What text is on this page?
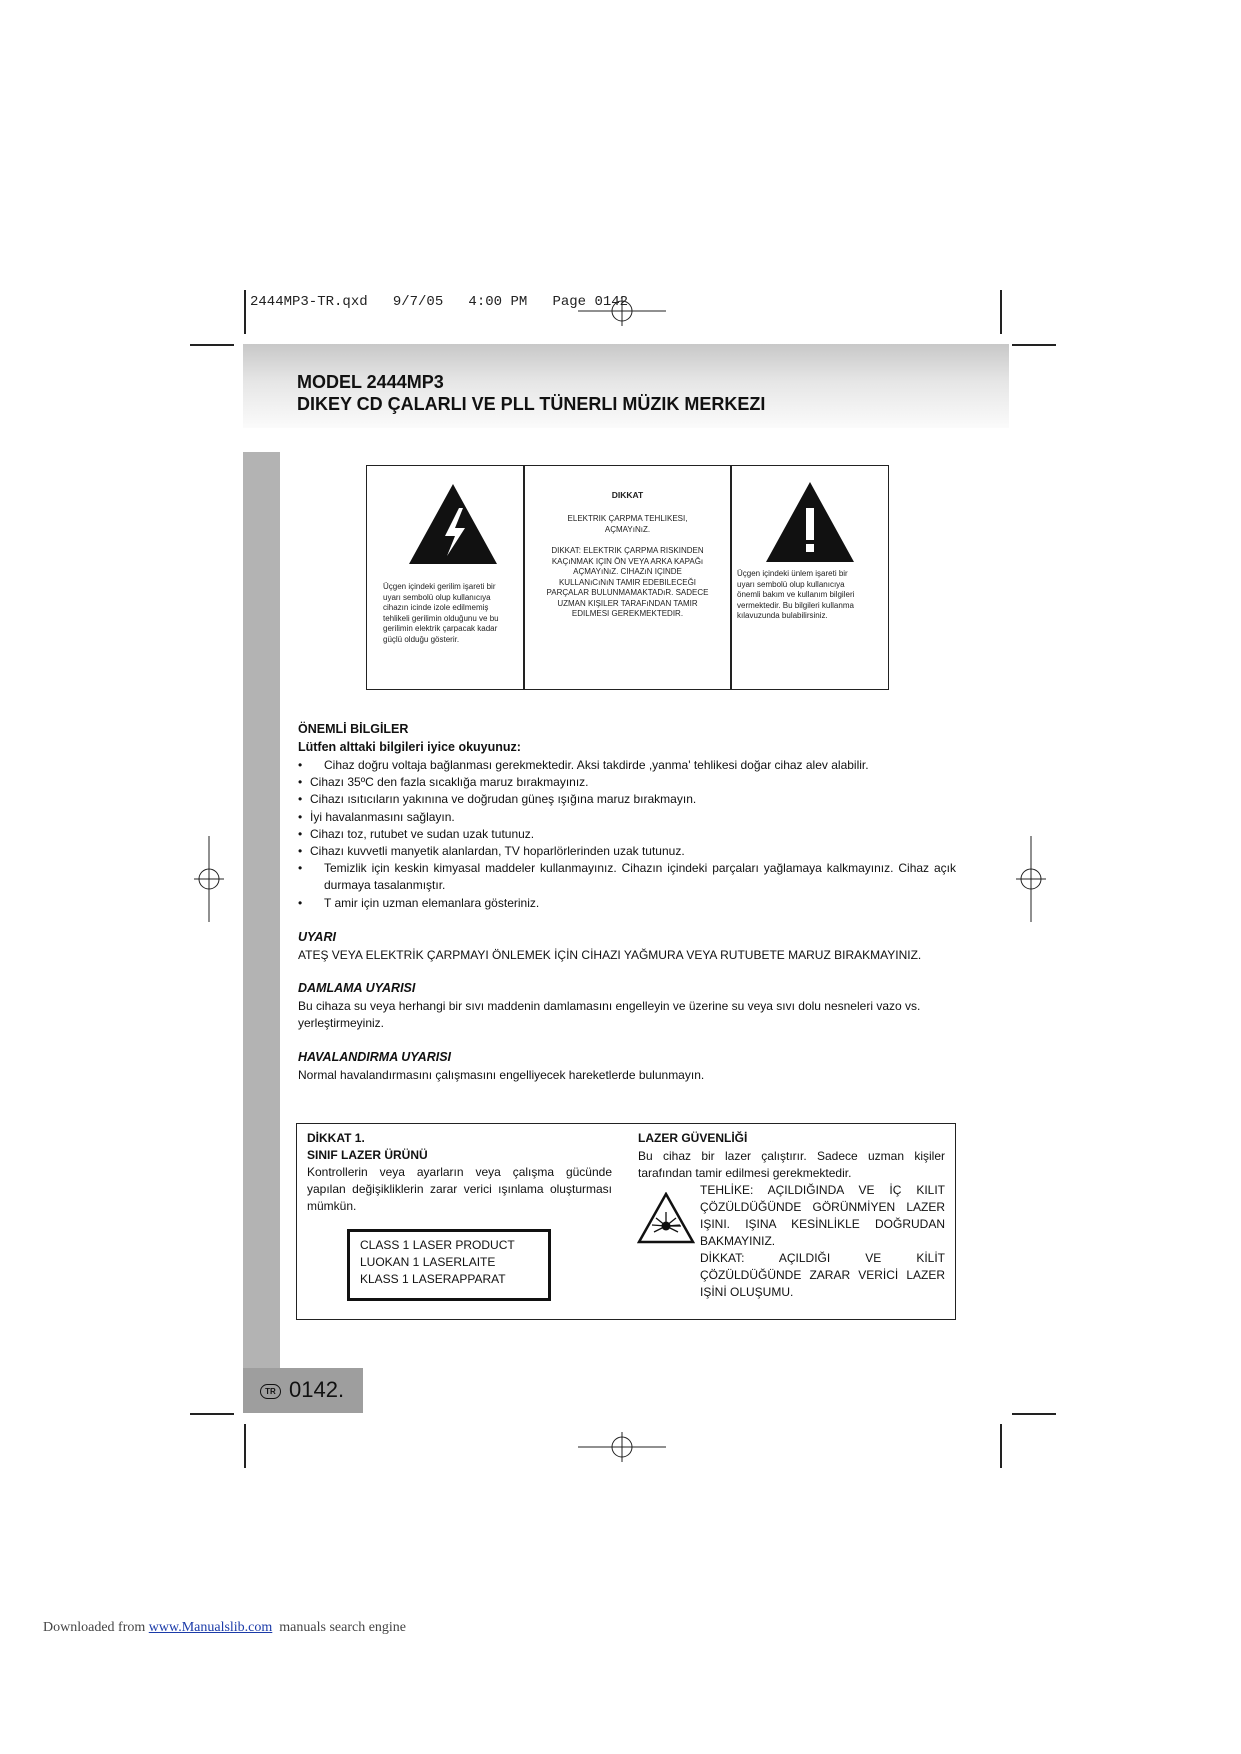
2444MP3-TR.qxd   9/7/05   4:00 PM   Page 0142
MODEL 2444MP3
DIKEY CD ÇALARLI VE PLL TÜNERLI MÜZIK MERKEZI
TR 0142.
Üçgen içindeki gerilim işareti bir
uyarı sembolü olup kullanıcıya
cihazın icinde izole edilmemiş
tehlikeli gerilimin olduğunu ve bu
gerilimin elektrik çarpacak kadar
güçlü olduğu gösterir.
DIKKAT
ELEKTRIK ÇARPMA TEHLIKESI,
AÇMAYıNıZ.
DIKKAT: ELEKTRIK ÇARPMA RISKINDEN
KAÇıNMAK IÇIN ÖN VEYA ARKA KAPAĞı
AÇMAYıNıZ. CIHAZıN IÇINDE
KULLANıCıNıN TAMIR EDEBILECEĞI
PARÇALAR BULUNMAMAKTADıR. SADECE
UZMAN KIŞILER TARAFıNDAN TAMIR
EDILMESI GEREKMEKTEDIR.
Üçgen içindeki ünlem işareti bir
uyarı sembolü olup kullanıcıya
önemli bakım ve kullanım bilgileri
vermektedir. Bu bilgileri kullanma
kılavuzunda bulabilirsiniz.
ÖNEMLİ BİLGİLER
Lütfen alttaki bilgileri iyice okuyunuz:
• Cihaz doğru voltaja bağlanması gerekmektedir. Aksi takdirde ,yanma' tehlikesi doğar cihaz alev alabilir.
• Cihazı 35ºC den fazla sıcaklığa maruz bırakmayınız.
• Cihazı ısıtıcıların yakınına ve doğrudan güneş ışığına maruz bırakmayın.
• İyi havalanmasını sağlayın.
• Cihazı toz, rutubet ve sudan uzak tutunuz.
• Cihazı kuvvetli manyetik alanlardan, TV hoparlörlerinden uzak tutunuz.
• Temizlik için keskin kimyasal maddeler kullanmayınız. Cihazın içindeki parçaları yağlamaya kalkmayınız. Cihaz açık durmaya tasalanmıştır.
• T amir için uzman elemanlara gösteriniz.
UYARI
ATEŞ VEYA ELEKTRİK ÇARPMAYI ÖNLEMEK İÇİN CİHAZI YAĞMURA VEYA RUTUBETE MARUZ BIRAKMAYINIZ.
DAMLAMA UYARISI
Bu cihaza su veya herhangi bir sıvı maddenin damlamasını engelleyin ve üzerine su veya sıvı dolu nesneleri vazo vs.
yerleştirmeyiniz.
HAVALANDIRMA UYARISI
Normal havalandırmasını çalışmasını engelliyecek hareketlerde bulunmayın.
DİKKAT 1.
SINIF LAZER ÜRÜNÜ
Kontrollerin veya ayarların veya çalışma gücünde
yapılan değişikliklerin zarar verici ışınlama oluşturması
mümkün.
CLASS 1 LASER PRODUCT
LUOKAN 1 LASERLAITE
KLASS 1 LASERAPPARAT
LAZER GÜVENLİĞİ
Bu cihaz bir lazer çalıştırır. Sadece uzman kişiler
tarafından tamir edilmesi gerekmektedir.
TEHLİKE: AÇILDIĞINDA VE İÇ KILIT
ÇÖZÜLDÜĞÜNDE GÖRÜNMİYEN LAZER
IŞINI. IŞINA KESİNLİKLE DOĞRUDAN
BAKMAYINIZ.
DİKKAT: AÇILDIĞI VE KİLİT
ÇÖZÜLDÜĞÜNDE ZARAR VERİCİ LAZER
IŞİNİ OLUŞUMU.
Downloaded from www.Manualslib.com  manuals search engine
